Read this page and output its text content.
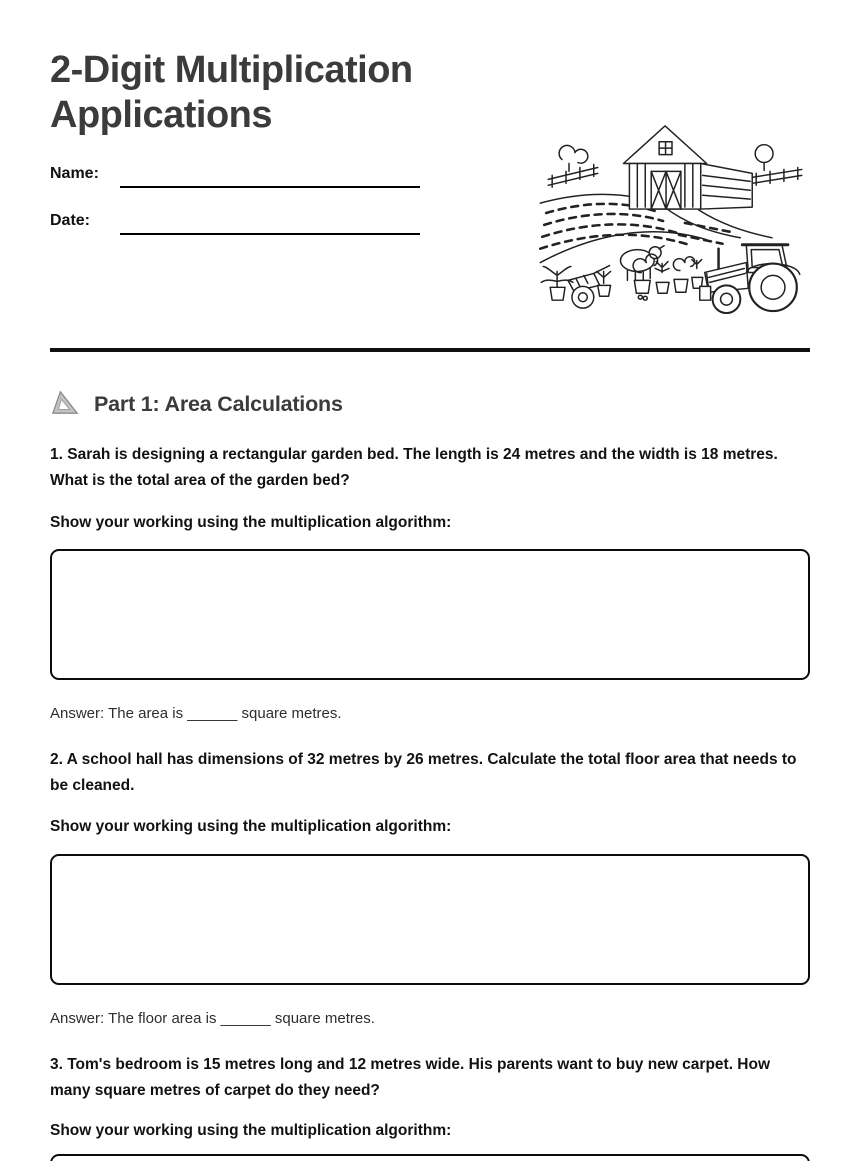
2-Digit Multiplication Applications
Name:
Date:
Part 1: Area Calculations

1. Sarah is designing a rectangular garden bed. The length is 24 metres and the width is 18 metres. What is the total area of the garden bed?

Show your working using the multiplication algorithm:

Answer: The area is ______ square metres.

2. A school hall has dimensions of 32 metres by 26 metres. Calculate the total floor area that needs to be cleaned.

Show your working using the multiplication algorithm:

Answer: The floor area is ______ square metres.

3. Tom's bedroom is 15 metres long and 12 metres wide. His parents want to buy new carpet. How many square metres of carpet do they need?

Show your working using the multiplication algorithm:
